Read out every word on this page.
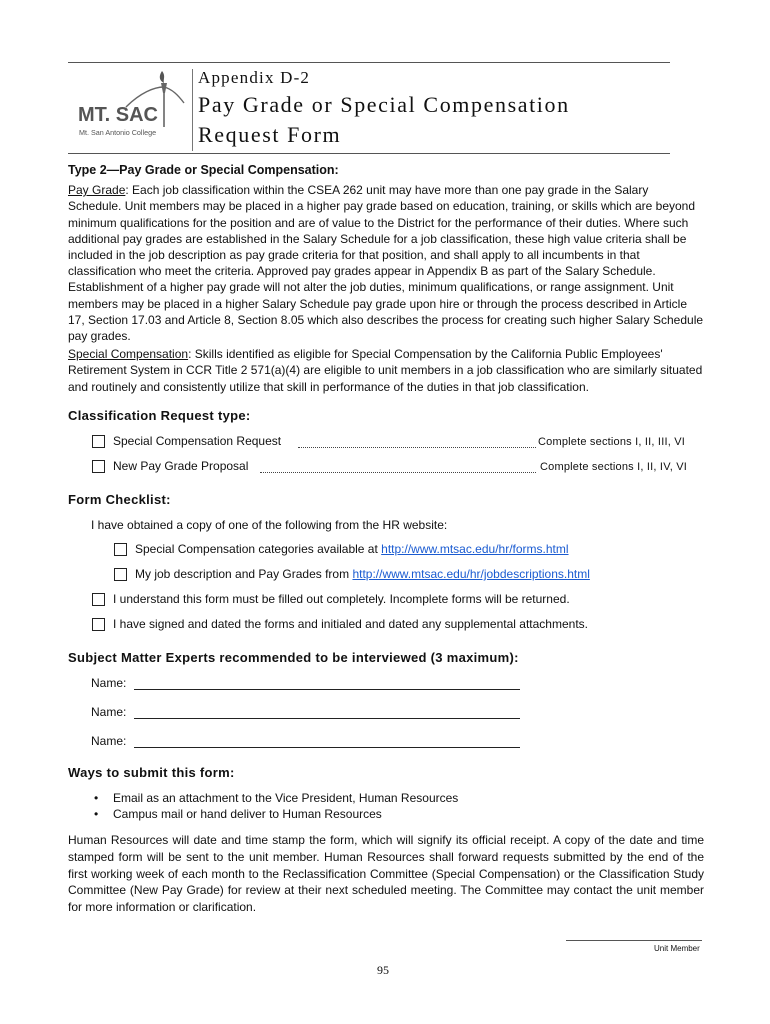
MT. SAC
Mt. San Antonio College
Appendix D-2
Pay Grade or Special Compensation
Request Form
Type 2—Pay Grade or Special Compensation:

Pay Grade: Each job classification within the CSEA 262 unit may have more than one pay grade in the Salary Schedule. Unit members may be placed in a higher pay grade based on education, training, or skills which are beyond minimum qualifications for the position and are of value to the District for the performance of their duties. Where such additional pay grades are established in the Salary Schedule for a job classification, these high value criteria shall be included in the job description as pay grade criteria for that position, and shall apply to all incumbents in that classification who meet the criteria. Approved pay grades appear in Appendix B as part of the Salary Schedule. Establishment of a higher pay grade will not alter the job duties, minimum qualifications, or range assignment. Unit members may be placed in a higher Salary Schedule pay grade upon hire or through the process described in Article 17, Section 17.03 and Article 8, Section 8.05 which also describes the process for creating such higher Salary Schedule pay grades.

Special Compensation: Skills identified as eligible for Special Compensation by the California Public Employees' Retirement System in CCR Title 2 571(a)(4) are eligible to unit members in a job classification who are similarly situated and routinely and consistently utilize that skill in performance of the duties in that job classification.

Classification Request type:
Special Compensation Request	Complete sections I, II, III, VI
New Pay Grade Proposal	Complete sections I, II, IV, VI
Form Checklist:
I have obtained a copy of one of the following from the HR website:
Special Compensation categories available at
http://www.mtsac.edu/hr/forms.html
My job description and Pay Grades from
http://www.mtsac.edu/hr/jobdescriptions.html
I understand this form must be filled out completely. Incomplete forms will be returned.
I have signed and dated the forms and initialed and dated any supplemental attachments.
Subject Matter Experts recommended to be interviewed (3 maximum):
Name:
Name:
Name:
Ways to submit this form:
• Email as an attachment to the Vice President, Human Resources
• Campus mail or hand deliver to Human Resources
Human Resources will date and time stamp the form, which will signify its official receipt. A copy of the date and time stamped form will be sent to the unit member. Human Resources shall forward requests submitted by the end of the first working week of each month to the Reclassification Committee (Special Compensation) or the Classification Study Committee (New Pay Grade) for review at their next scheduled meeting. The Committee may contact the unit member for more information or clarification.
Unit Member
95
